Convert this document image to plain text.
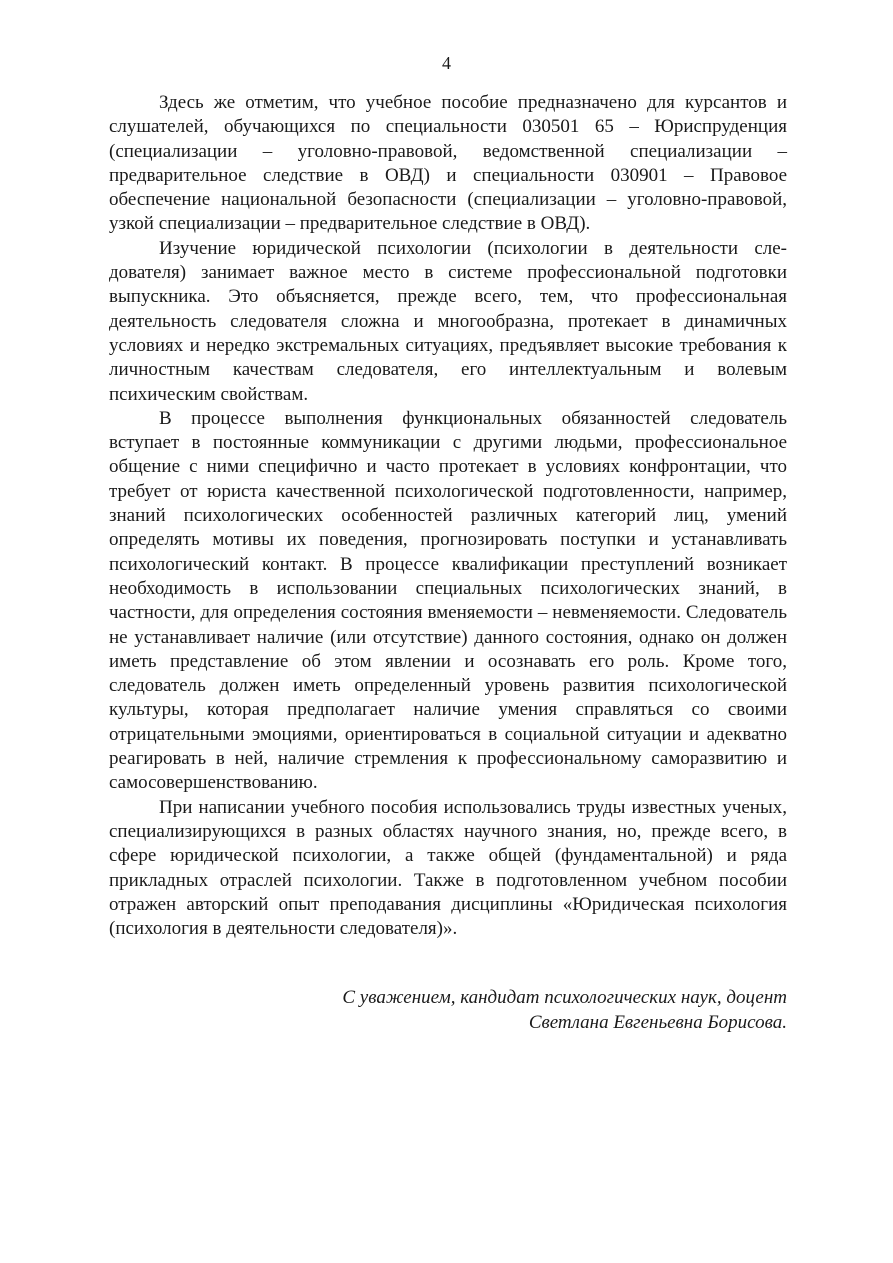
4

Здесь же отметим, что учебное пособие предназначено для курсантов и слушателей, обучающихся по специальности 030501 65 – Юриспруденция (специализации – уголовно-правовой, ведомственной специализации – предварительное следствие в ОВД) и специальности 030901 – Правовое обеспечение национальной безопасности (специализации – уголовно-правовой, узкой специализации – предварительное следствие в ОВД).

Изучение юридической психологии (психологии в деятельности следователя) занимает важное место в системе профессиональной подготовки выпускника. Это объясняется, прежде всего, тем, что профессиональная деятельность следователя сложна и многообразна, протекает в динамичных условиях и нередко экстремальных ситуациях, предъявляет высокие требования к личностным качествам следователя, его интеллектуальным и волевым психическим свойствам.

В процессе выполнения функциональных обязанностей следователь вступает в постоянные коммуникации с другими людьми, профессиональное общение с ними специфично и часто протекает в условиях конфронтации, что требует от юриста качественной психологической подготовленности, например, знаний психологических особенностей различных категорий лиц, умений определять мотивы их поведения, прогнозировать поступки и устанавливать психологический контакт. В процессе квалификации преступлений возникает необходимость в использовании специальных психологических знаний, в частности, для определения состояния вменяемости – невменяемости. Следователь не устанавливает наличие (или отсутствие) данного состояния, однако он должен иметь представление об этом явлении и осознавать его роль. Кроме того, следователь должен иметь определенный уровень развития психологической культуры, которая предполагает наличие умения справляться со своими отрицательными эмоциями, ориентироваться в социальной ситуации и адекватно реагировать в ней, наличие стремления к профессиональному саморазвитию и самосовершенствованию.

При написании учебного пособия использовались труды известных ученых, специализирующихся в разных областях научного знания, но, прежде всего, в сфере юридической психологии, а также общей (фундаментальной) и ряда прикладных отраслей психологии. Также в подготовленном учебном пособии отражен авторский опыт преподавания дисциплины «Юридическая психология (психология в деятельности следователя)».

С уважением, кандидат психологических наук, доцент
Светлана Евгеньевна Борисова.
